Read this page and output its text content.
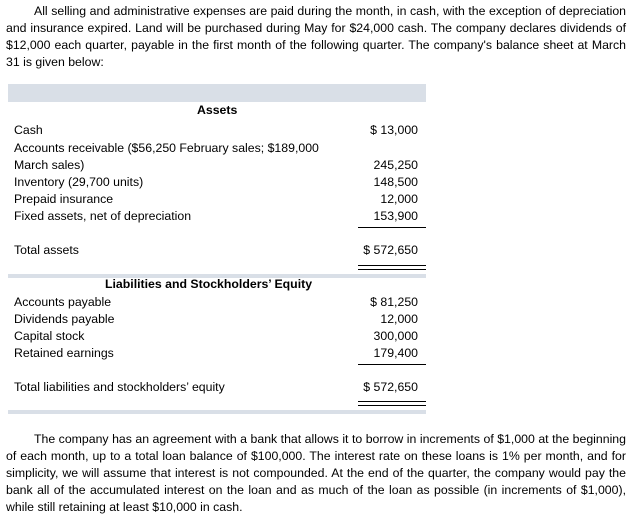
All selling and administrative expenses are paid during the month, in cash, with the exception of depreciation and insurance expired. Land will be purchased during May for $24,000 cash. The company declares dividends of $12,000 each quarter, payable in the first month of the following quarter. The company's balance sheet at March 31 is given below:
Assets
Cash	$ 13,000
Accounts receivable ($56,250 February sales; $189,000
March sales)	245,250
Inventory (29,700 units)	148,500
Prepaid insurance	12,000
Fixed assets, net of depreciation	153,900
Total assets	$ 572,650
Liabilities and Stockholders’ Equity
Accounts payable	$ 81,250
Dividends payable	12,000
Capital stock	300,000
Retained earnings	179,400
Total liabilities and stockholders’ equity	$ 572,650
The company has an agreement with a bank that allows it to borrow in increments of $1,000 at the beginning of each month, up to a total loan balance of $100,000. The interest rate on these loans is 1% per month, and for simplicity, we will assume that interest is not compounded. At the end of the quarter, the company would pay the bank all of the accumulated interest on the loan and as much of the loan as possible (in increments of $1,000), while still retaining at least $10,000 in cash.
